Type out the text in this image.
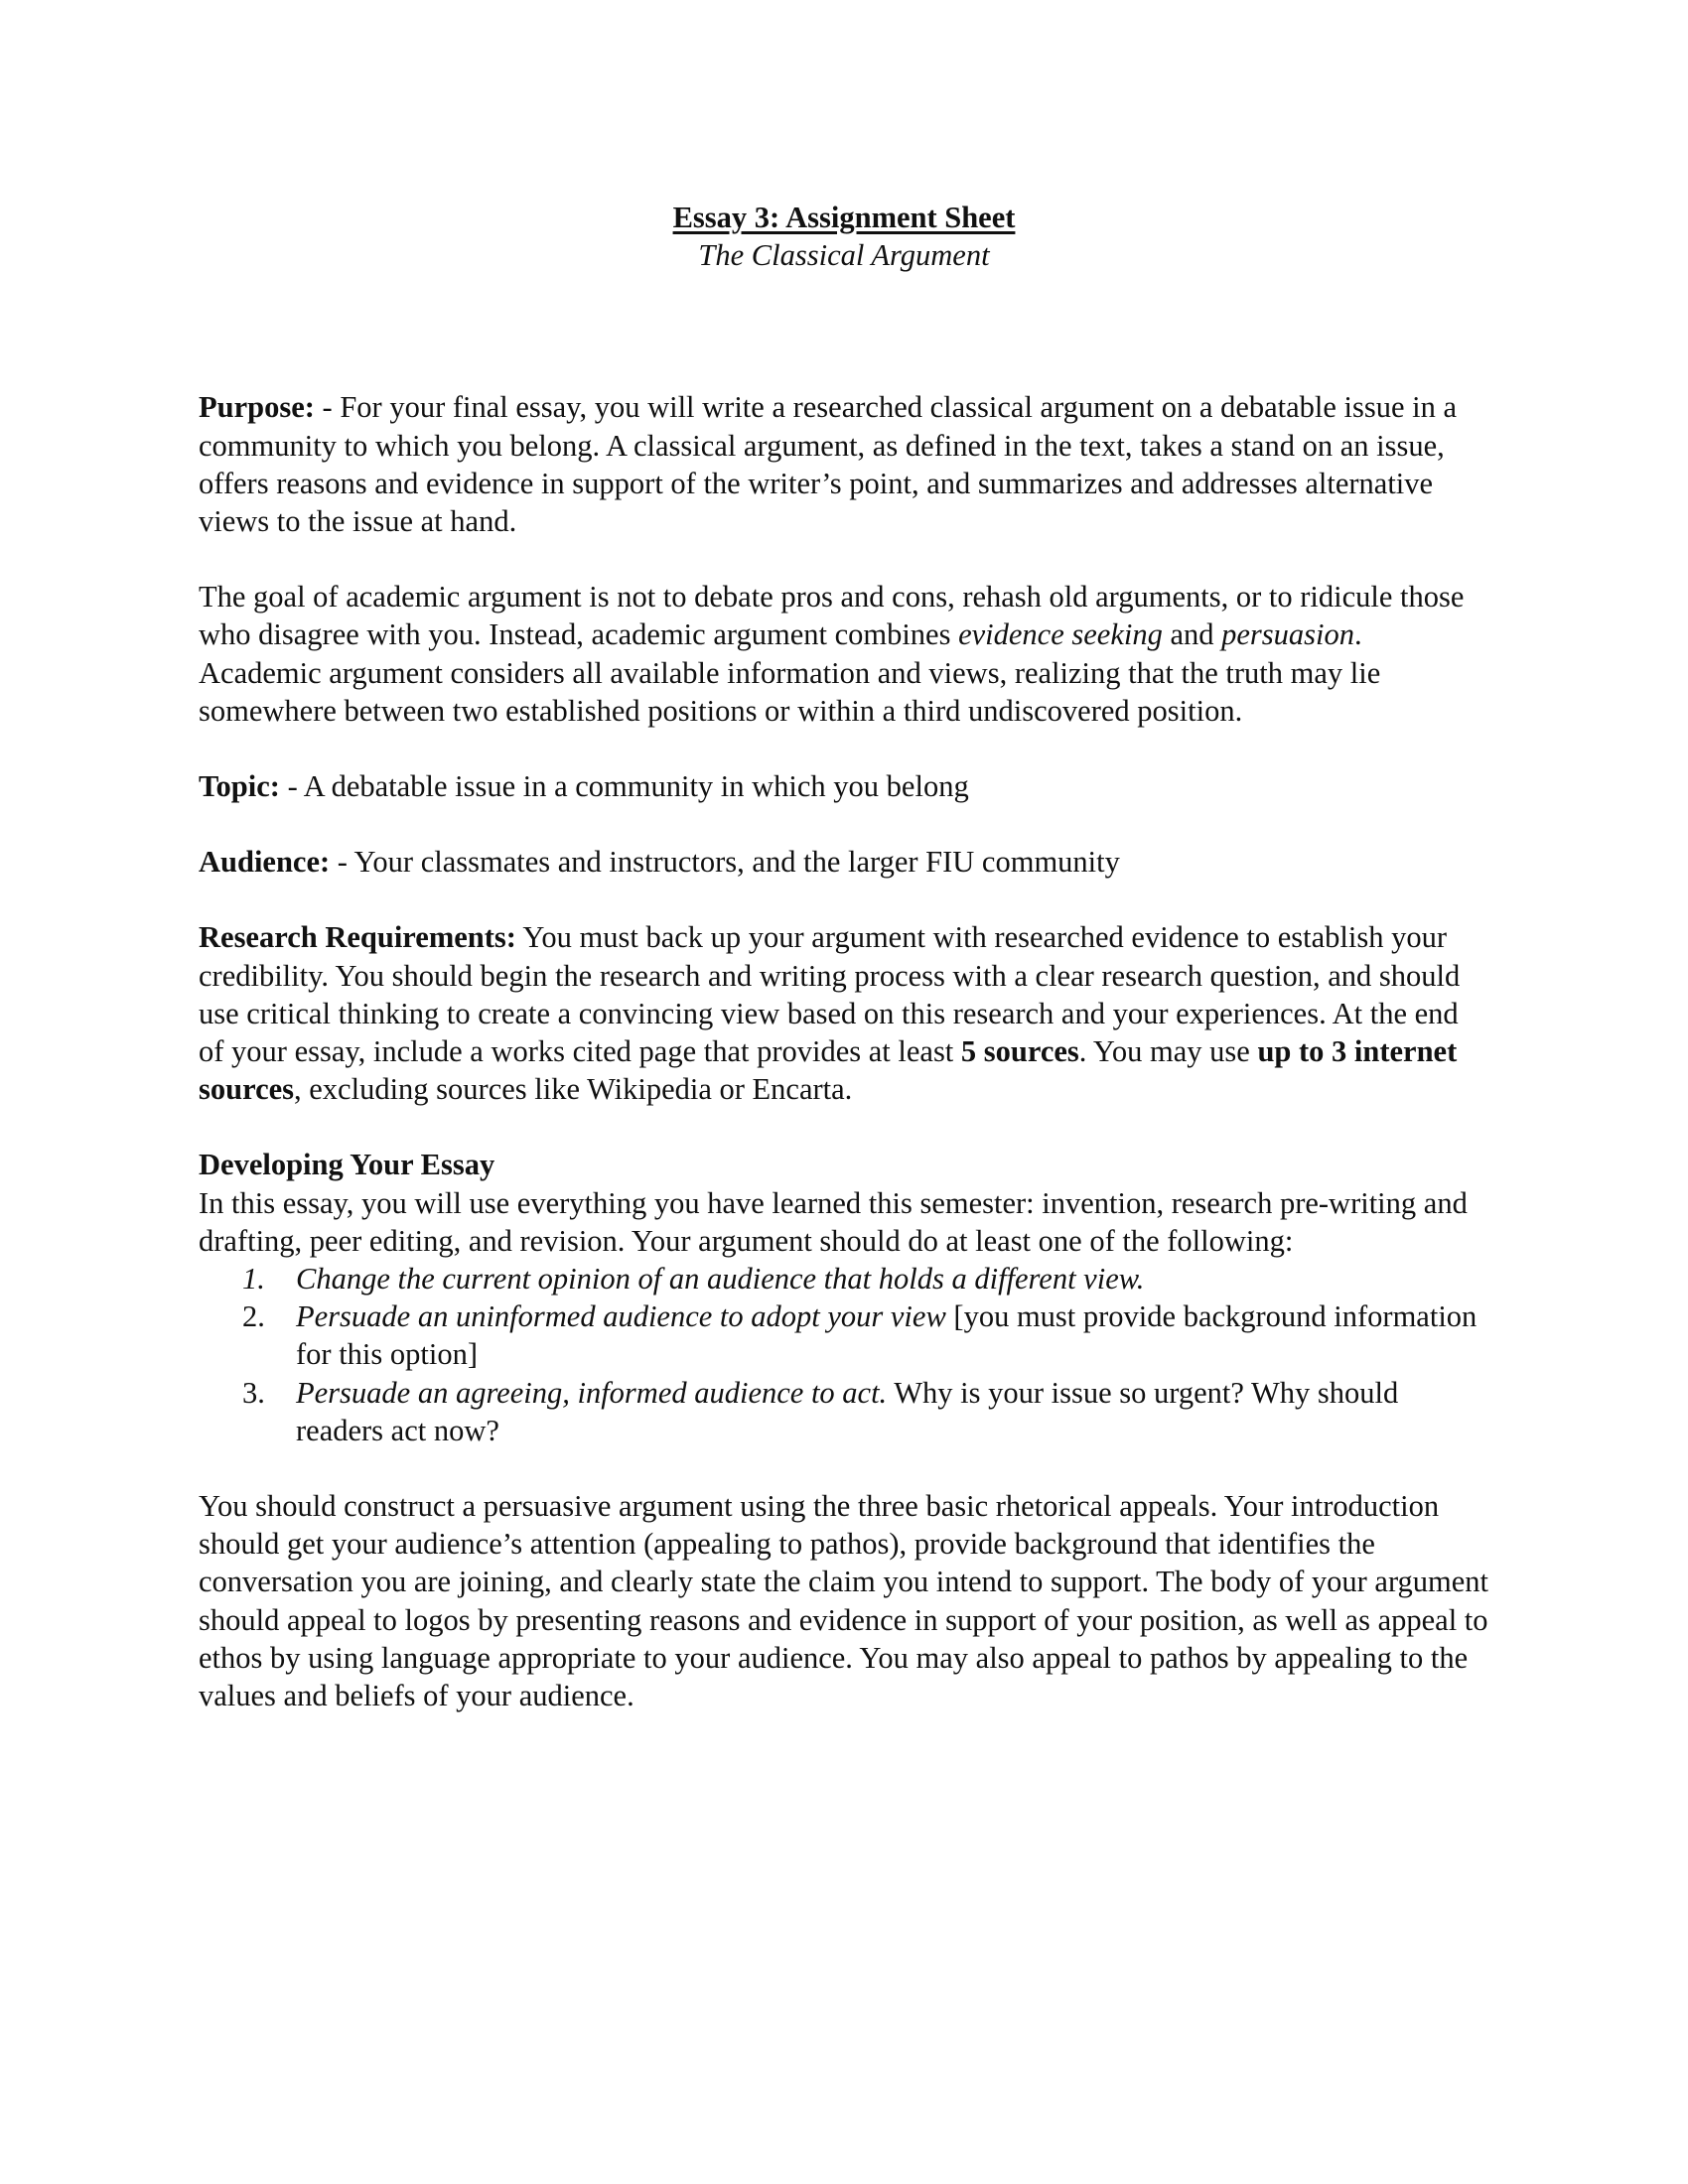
Essay 3: Assignment Sheet
The Classical Argument

Purpose: - For your final essay, you will write a researched classical argument on a debatable issue in a community to which you belong. A classical argument, as defined in the text, takes a stand on an issue, offers reasons and evidence in support of the writer’s point, and summarizes and addresses alternative views to the issue at hand.

The goal of academic argument is not to debate pros and cons, rehash old arguments, or to ridicule those who disagree with you. Instead, academic argument combines evidence seeking and persuasion. Academic argument considers all available information and views, realizing that the truth may lie somewhere between two established positions or within a third undiscovered position.

Topic: - A debatable issue in a community in which you belong

Audience: - Your classmates and instructors, and the larger FIU community

Research Requirements: You must back up your argument with researched evidence to establish your credibility. You should begin the research and writing process with a clear research question, and should use critical thinking to create a convincing view based on this research and your experiences. At the end of your essay, include a works cited page that provides at least 5 sources. You may use up to 3 internet sources, excluding sources like Wikipedia or Encarta.

Developing Your Essay

In this essay, you will use everything you have learned this semester: invention, research pre-writing and drafting, peer editing, and revision. Your argument should do at least one of the following:

1. Change the current opinion of an audience that holds a different view.
2. Persuade an uninformed audience to adopt your view [you must provide background information for this option]
3. Persuade an agreeing, informed audience to act. Why is your issue so urgent? Why should readers act now?

You should construct a persuasive argument using the three basic rhetorical appeals. Your introduction should get your audience’s attention (appealing to pathos), provide background that identifies the conversation you are joining, and clearly state the claim you intend to support. The body of your argument should appeal to logos by presenting reasons and evidence in support of your position, as well as appeal to ethos by using language appropriate to your audience. You may also appeal to pathos by appealing to the values and beliefs of your audience.
